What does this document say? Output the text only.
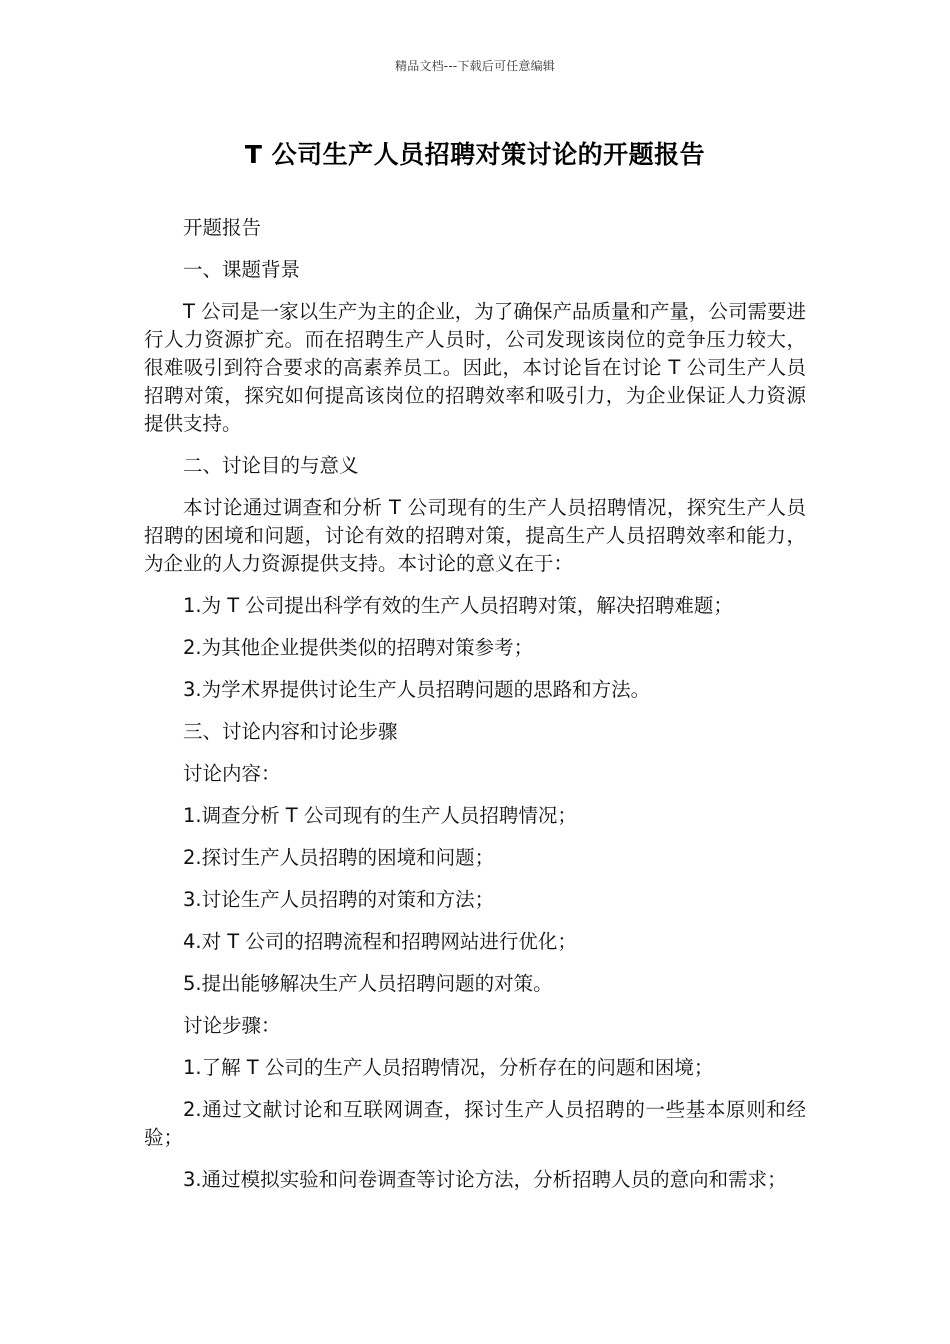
精品文档---下载后可任意编辑
T 公司生产人员招聘对策讨论的开题报告

开题报告

一、课题背景

T 公司是一家以生产为主的企业，为了确保产品质量和产量，公司需要进行人力资源扩充。而在招聘生产人员时，公司发现该岗位的竞争压力较大，很难吸引到符合要求的高素养员工。因此，本讨论旨在讨论 T 公司生产人员招聘对策，探究如何提高该岗位的招聘效率和吸引力，为企业保证人力资源提供支持。

二、讨论目的与意义

本讨论通过调查和分析 T 公司现有的生产人员招聘情况，探究生产人员招聘的困境和问题，讨论有效的招聘对策，提高生产人员招聘效率和能力，为企业的人力资源提供支持。本讨论的意义在于：

1.为 T 公司提出科学有效的生产人员招聘对策，解决招聘难题；

2.为其他企业提供类似的招聘对策参考；

3.为学术界提供讨论生产人员招聘问题的思路和方法。

三、讨论内容和讨论步骤

讨论内容：

1.调查分析 T 公司现有的生产人员招聘情况；

2.探讨生产人员招聘的困境和问题；

3.讨论生产人员招聘的对策和方法；

4.对 T 公司的招聘流程和招聘网站进行优化；

5.提出能够解决生产人员招聘问题的对策。

讨论步骤：

1.了解 T 公司的生产人员招聘情况，分析存在的问题和困境；

2.通过文献讨论和互联网调查，探讨生产人员招聘的一些基本原则和经验；

3.通过模拟实验和问卷调查等讨论方法，分析招聘人员的意向和需求；
